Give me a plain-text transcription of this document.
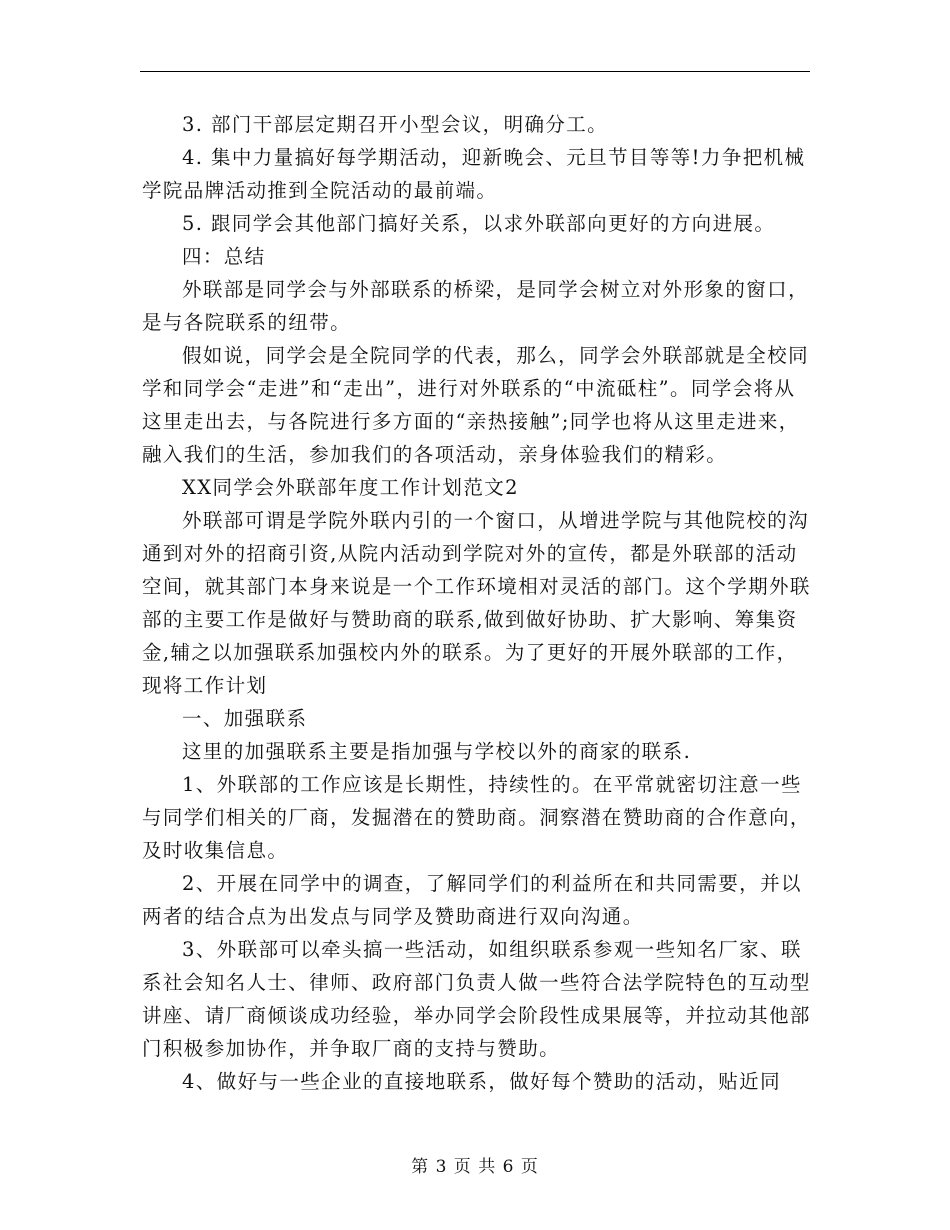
3. 部门干部层定期召开小型会议，明确分工。

4. 集中力量搞好每学期活动，迎新晚会、元旦节目等等!力争把机械学院品牌活动推到全院活动的最前端。

5. 跟同学会其他部门搞好关系，以求外联部向更好的方向进展。

四：总结

外联部是同学会与外部联系的桥梁，是同学会树立对外形象的窗口，是与各院联系的纽带。

假如说，同学会是全院同学的代表，那么，同学会外联部就是全校同学和同学会“走进”和“走出”，进行对外联系的“中流砥柱”。同学会将从这里走出去，与各院进行多方面的“亲热接触”;同学也将从这里走进来，融入我们的生活，参加我们的各项活动，亲身体验我们的精彩。

XX同学会外联部年度工作计划范文2

外联部可谓是学院外联内引的一个窗口，从增进学院与其他院校的沟通到对外的招商引资,从院内活动到学院对外的宣传，都是外联部的活动空间，就其部门本身来说是一个工作环境相对灵活的部门。这个学期外联部的主要工作是做好与赞助商的联系,做到做好协助、扩大影响、筹集资金,辅之以加强联系加强校内外的联系。为了更好的开展外联部的工作，现将工作计划

一、加强联系

这里的加强联系主要是指加强与学校以外的商家的联系.

1、外联部的工作应该是长期性，持续性的。在平常就密切注意一些与同学们相关的厂商，发掘潜在的赞助商。洞察潜在赞助商的合作意向，及时收集信息。

2、开展在同学中的调查，了解同学们的利益所在和共同需要，并以两者的结合点为出发点与同学及赞助商进行双向沟通。

3、外联部可以牵头搞一些活动，如组织联系参观一些知名厂家、联系社会知名人士、律师、政府部门负责人做一些符合法学院特色的互动型讲座、请厂商倾谈成功经验，举办同学会阶段性成果展等，并拉动其他部门积极参加协作，并争取厂商的支持与赞助。

4、做好与一些企业的直接地联系，做好每个赞助的活动，贴近同

第 3 页 共 6 页
